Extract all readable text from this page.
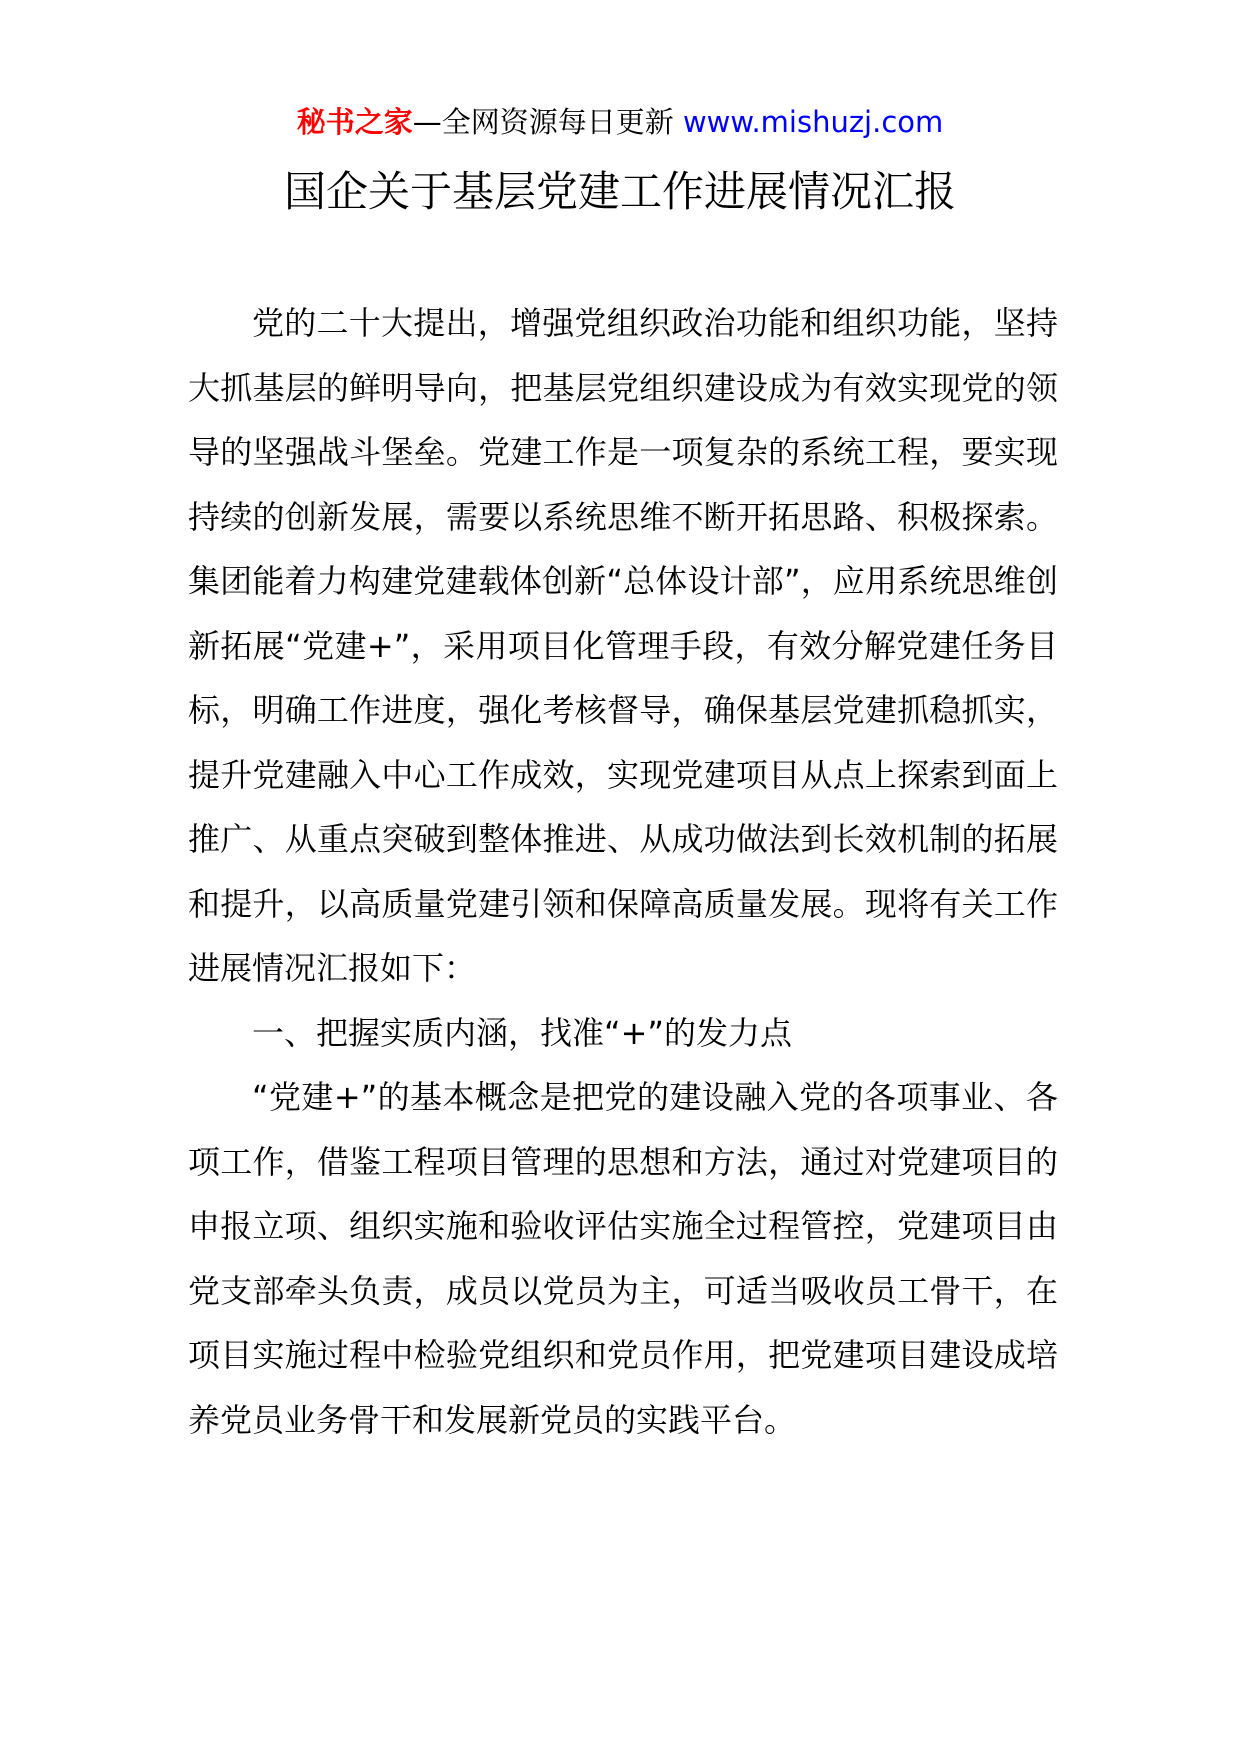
秘书之家—全网资源每日更新 www.mishuzj.com
国企关于基层党建工作进展情况汇报

党的二十大提出，增强党组织政治功能和组织功能，坚持大抓基层的鲜明导向，把基层党组织建设成为有效实现党的领导的坚强战斗堡垒。党建工作是一项复杂的系统工程，要实现持续的创新发展，需要以系统思维不断开拓思路、积极探索。集团能着力构建党建载体创新“总体设计部”，应用系统思维创新拓展“党建+”，采用项目化管理手段，有效分解党建任务目标，明确工作进度，强化考核督导，确保基层党建抓稳抓实，提升党建融入中心工作成效，实现党建项目从点上探索到面上推广、从重点突破到整体推进、从成功做法到长效机制的拓展和提升，以高质量党建引领和保障高质量发展。现将有关工作进展情况汇报如下：

一、把握实质内涵，找准“+”的发力点

“党建+”的基本概念是把党的建设融入党的各项事业、各项工作，借鉴工程项目管理的思想和方法，通过对党建项目的申报立项、组织实施和验收评估实施全过程管控，党建项目由党支部牵头负责，成员以党员为主，可适当吸收员工骨干，在项目实施过程中检验党组织和党员作用，把党建项目建设成培养党员业务骨干和发展新党员的实践平台。
